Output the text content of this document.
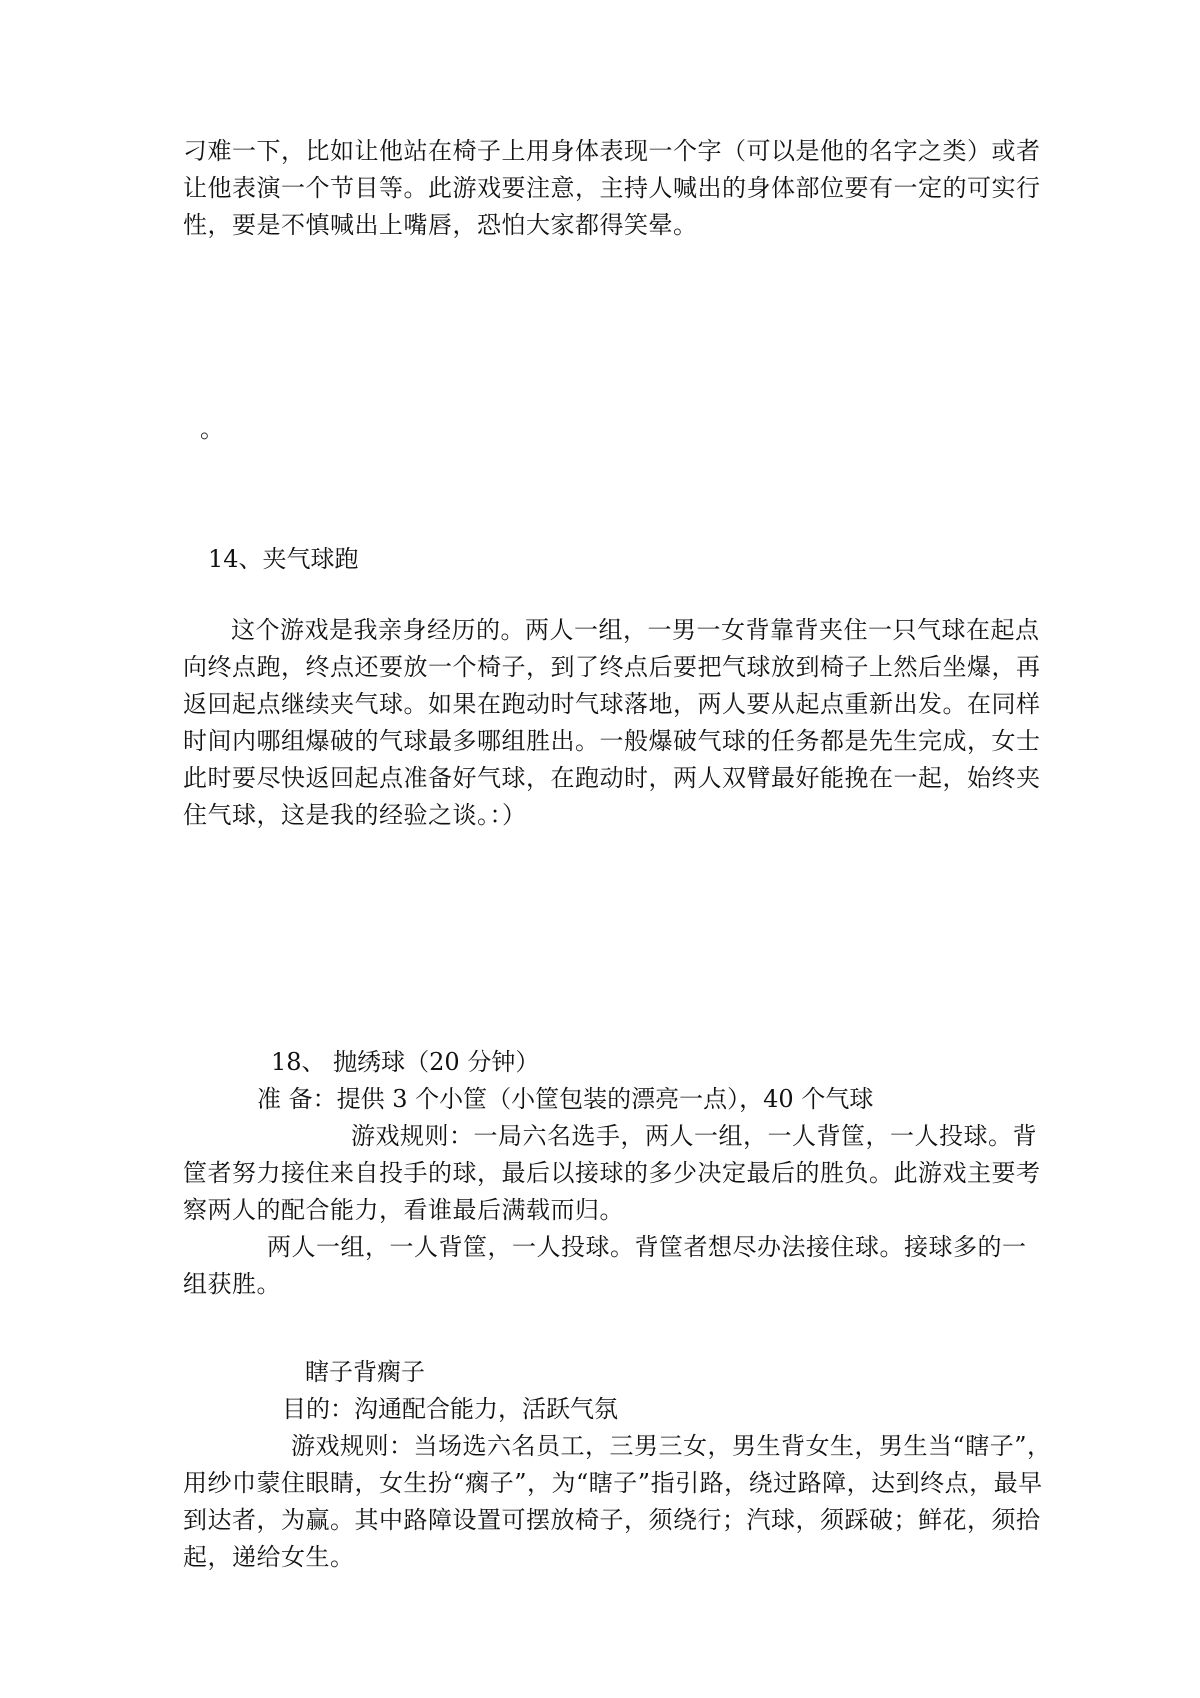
刁难一下，比如让他站在椅子上用身体表现一个字（可以是他的名字之类）或者
让他表演一个节目等。此游戏要注意，主持人喊出的身体部位要有一定的可实行
性，要是不慎喊出上嘴唇，恐怕大家都得笑晕。
。
14、夹气球跑
这个游戏是我亲身经历的。两人一组，一男一女背靠背夹住一只气球在起点
向终点跑，终点还要放一个椅子，到了终点后要把气球放到椅子上然后坐爆，再
返回起点继续夹气球。如果在跑动时气球落地，两人要从起点重新出发。在同样
时间内哪组爆破的气球最多哪组胜出。一般爆破气球的任务都是先生完成，女士
此时要尽快返回起点准备好气球，在跑动时，两人双臂最好能挽在一起，始终夹
住气球，这是我的经验之谈。：）
18、 抛绣球（20 分钟）
准 备：提供 3 个小筐（小筐包装的漂亮一点），40 个气球
游戏规则：一局六名选手，两人一组，一人背筐，一人投球。背
筐者努力接住来自投手的球，最后以接球的多少决定最后的胜负。此游戏主要考
察两人的配合能力，看谁最后满载而归。
两人一组，一人背筐，一人投球。背筐者想尽办法接住球。接球多的一
组获胜。
瞎子背瘸子
目的：沟通配合能力，活跃气氛
游戏规则：当场选六名员工，三男三女，男生背女生，男生当“瞎子”，
用纱巾蒙住眼睛，女生扮“瘸子”，为“瞎子”指引路，绕过路障，达到终点，最早
到达者，为赢。其中路障设置可摆放椅子，须绕行；汽球，须踩破；鲜花，须拾
起，递给女生。
